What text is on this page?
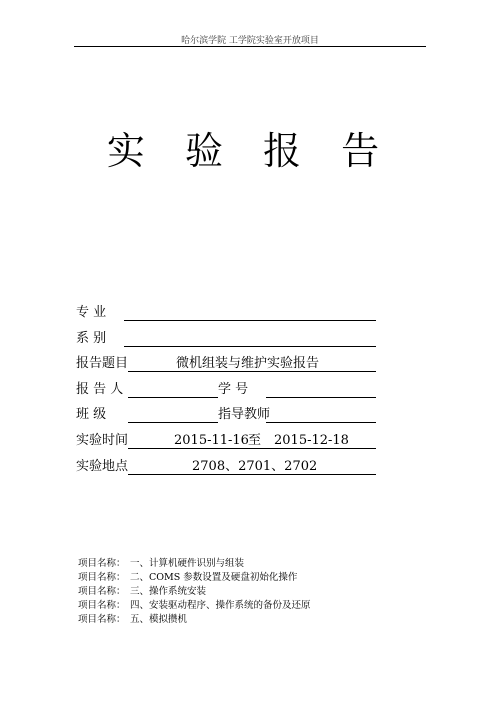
哈尔滨学院 工学院实验室开放项目
实 验 报 告
专 业
系 别
报告题目	微机组装与维护实验报告
报 告 人	学 号
班 级	指导教师
实验时间	2015-11-16 至 2015-12-18
实验地点	2708、2701、2702
项目名称： 一、计算机硬件识别与组装
项目名称： 二、COMS 参数设置及硬盘初始化操作
项目名称： 三、操作系统安装
项目名称： 四、安装驱动程序、操作系统的备份及还原
项目名称： 五、模拟攒机
